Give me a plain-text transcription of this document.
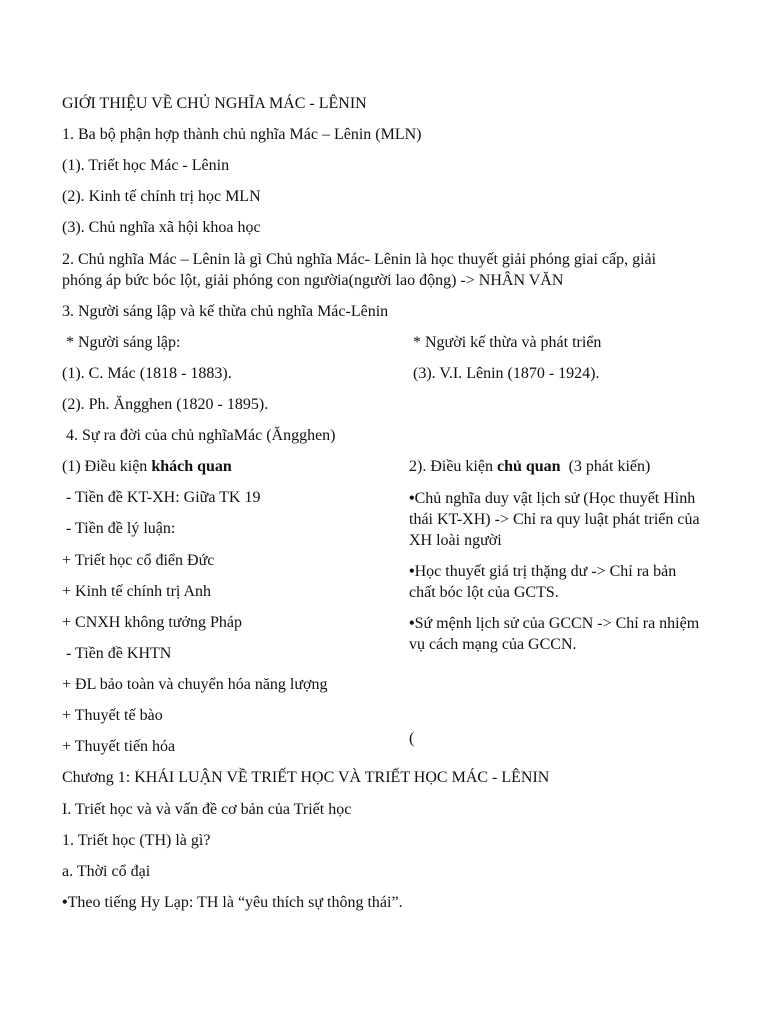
GIỚI THIỆU VỀ CHỦ NGHĨA MÁC - LÊNIN
1. Ba bộ phận hợp thành chủ nghĩa Mác – Lênin (MLN)
(1). Triết học Mác - Lênin
(2). Kinh tế chính trị học MLN
(3). Chủ nghĩa xã hội khoa học
2. Chủ nghĩa Mác – Lênin là gì Chủ nghĩa Mác- Lênin là học thuyết giải phóng giai cấp, giải phóng áp bức bóc lột, giải phóng con ngườia(người lao động) -> NHÂN VĂN
3. Người sáng lập và kế thừa chủ nghĩa Mác-Lênin
* Người sáng lập:	* Người kế thừa và phát triển
(1). C. Mác (1818 - 1883).	(3). V.I. Lênin (1870 - 1924).
(2). Ph. Ăngghen (1820 - 1895).
4. Sự ra đời của chủ nghĩaMác (Ăngghen)
(1) Điều kiện khách quan
- Tiền đề KT-XH: Giữa TK 19
- Tiền đề lý luận:
+ Triết học cổ điển Đức
+ Kinh tế chính trị Anh
+ CNXH không tưởng Pháp
- Tiền đề KHTN
+ ĐL bảo toàn và chuyển hóa năng lượng
+ Thuyết tế bào
+ Thuyết tiến hóa
2). Điều kiện chủ quan  (3 phát kiến)
•Chủ nghĩa duy vật lịch sử (Học thuyết Hình thái KT-XH) -> Chỉ ra quy luật phát triển của XH loài người
•Học thuyết giá trị thặng dư -> Chỉ ra bản chất bóc lột của GCTS.
•Sứ mệnh lịch sử của GCCN -> Chỉ ra nhiệm vụ cách mạng của GCCN.
(
Chương 1: KHÁI LUẬN VỀ TRIẾT HỌC VÀ TRIẾT HỌC MÁC - LÊNIN
I. Triết học và và vấn đề cơ bản của Triết học
1. Triết học (TH) là gì?
a. Thời cổ đại
•Theo tiếng Hy Lạp: TH là “yêu thích sự thông thái”.
